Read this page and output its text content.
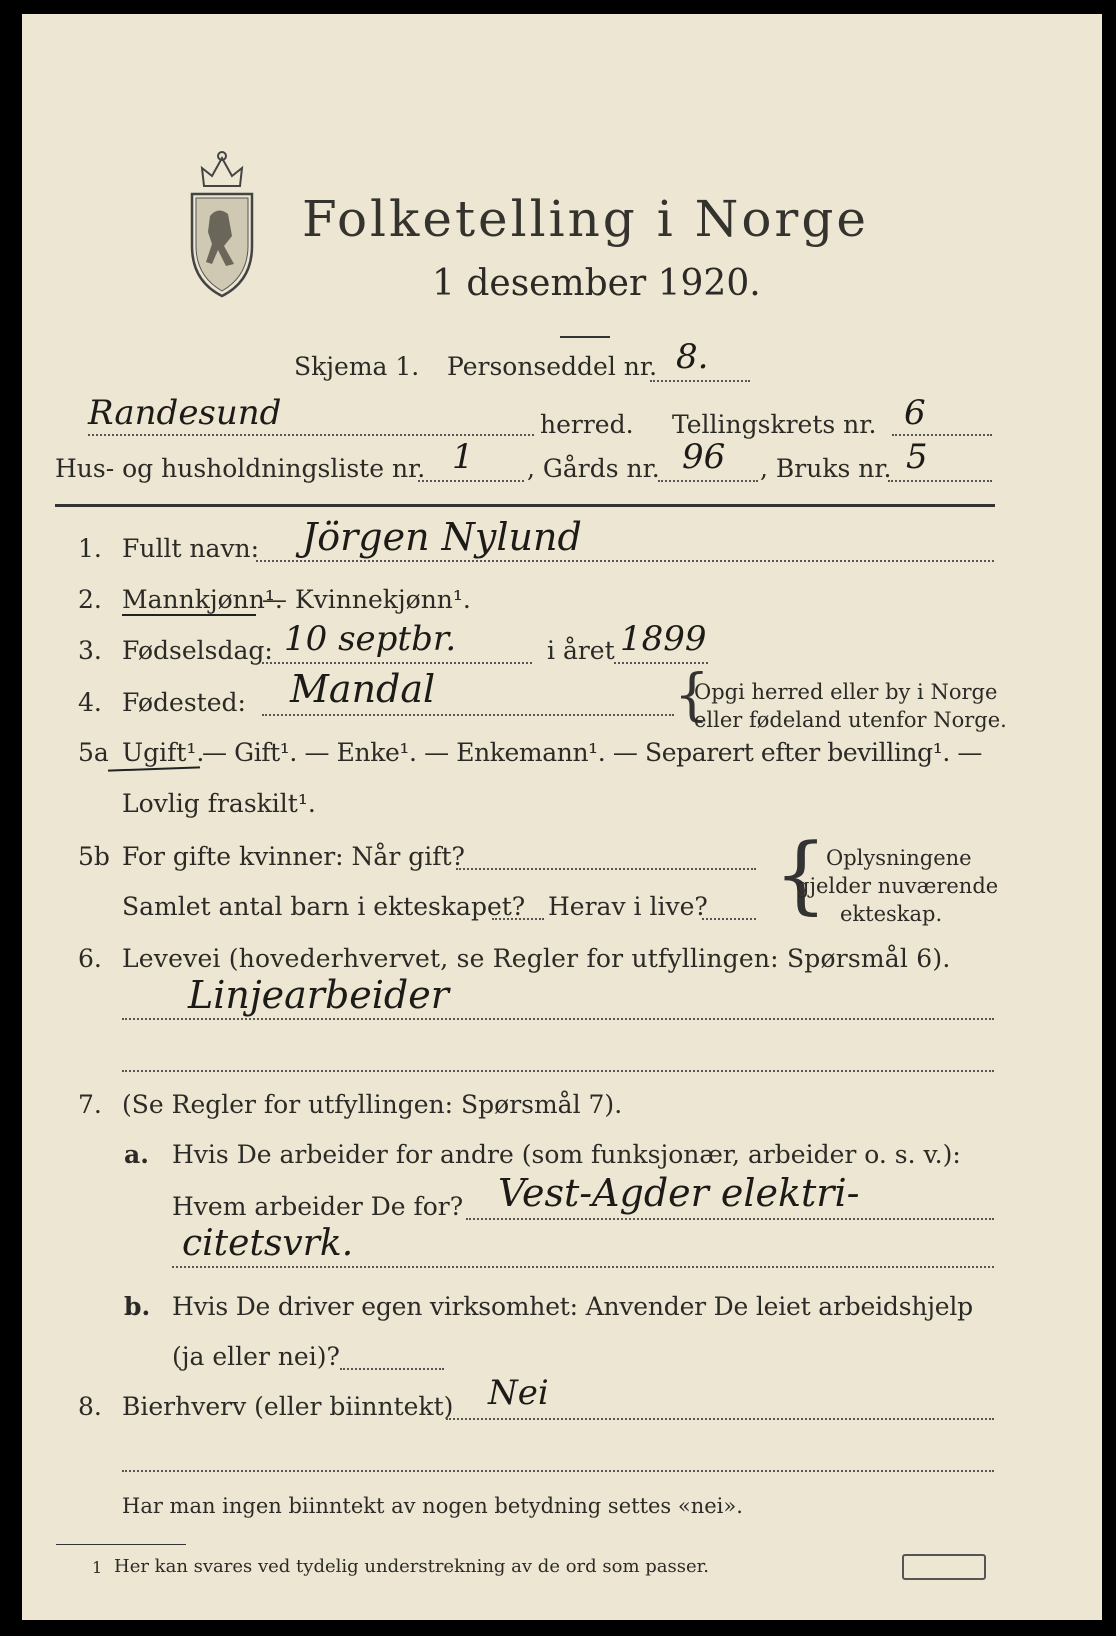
Folketelling i Norge
1 desember 1920.
Skjema 1. Personseddel nr. 8.
Randesund	herred. Tellingskrets nr. 6
Hus- og husholdningsliste nr. 1 , Gårds nr. 96 , Bruks nr. 5
1. Fullt navn: Jörgen Nylund
2. Mannkjønn¹.
— Kvinnekjønn¹.
3. Fødselsdag: 10 septbr.	i året 1899
4. Fødested: Mandal	{
Opgi herred eller by i Norge
eller fødeland utenfor Norge.
5a Ugift¹.
— Gift¹. — Enke¹. — Enkemann¹. — Separert efter bevilling¹. —
Lovlig fraskilt¹.
5b For gifte kvinner: Når gift?
Samlet antal barn i ekteskapet? Herav i live? {
Oplysningene
gjelder nuværende
ekteskap.
6. Levevei (hovederhvervet, se Regler for utfyllingen: Spørsmål 6).
Linjearbeider
7. (Se Regler for utfyllingen: Spørsmål 7).
a. Hvis De arbeider for andre (som funksjonær, arbeider o. s. v.):
Hvem arbeider De for? Vest-Agder elektri-
citetsvrk.
b. Hvis De driver egen virksomhet: Anvender De leiet arbeidshjelp
(ja eller nei)?
8. Bierhverv (eller biinntekt) Nei
Har man ingen biinntekt av nogen betydning settes «nei».
1 Her kan svares ved tydelig understrekning av de ord som passer.
